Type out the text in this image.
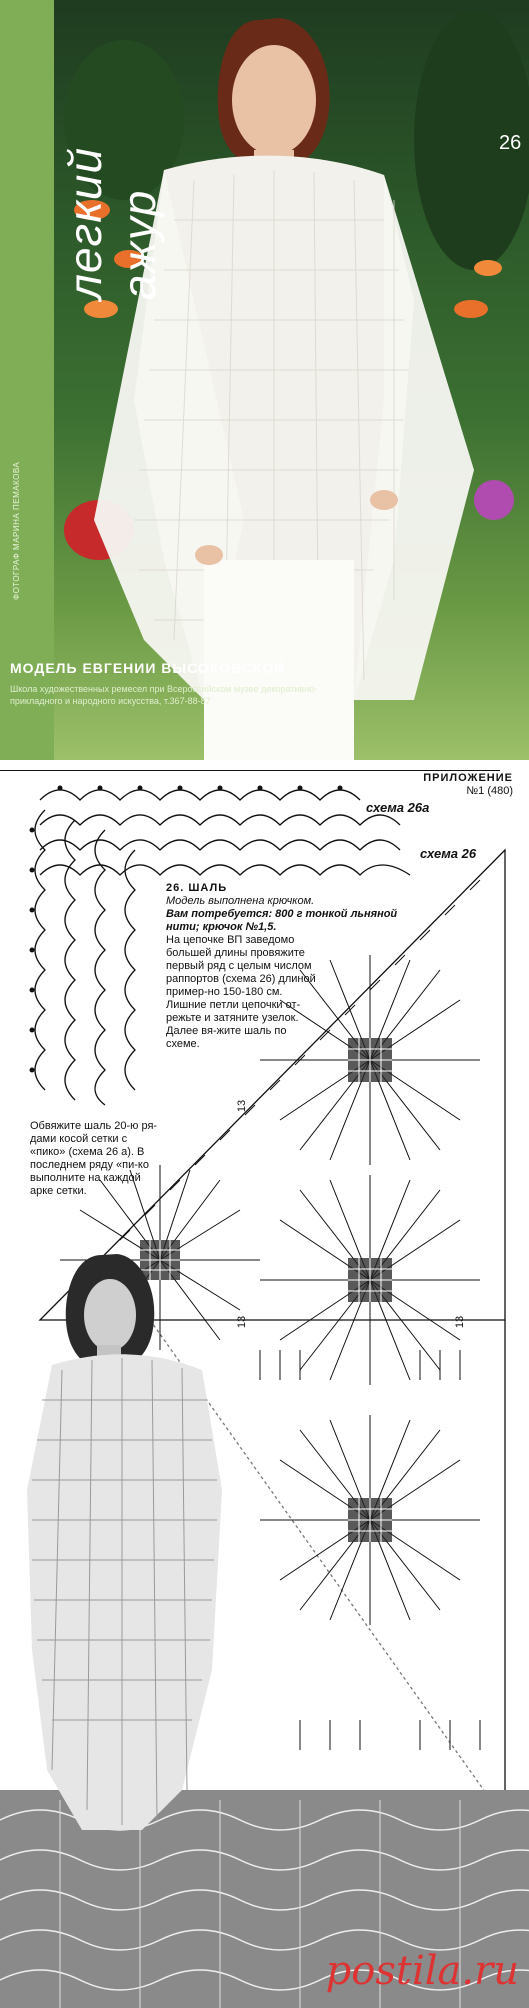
26
легкий ажур
ФОТОГРАФ МАРИНА ПЕМАКОВА
МОДЕЛЬ ЕВГЕНИИ ВЫСОКОВСКОЙ
Школа художественных ремесел при Всероссийском музее декоративно-прикладного и народного искусства, т.367-88-87
ПРИЛОЖЕНИЕ
№1 (480)
13
13	13
схема 26а
схема 26
26. ШАЛЬ
Модель выполнена крючком.
Вам потребуется: 800 г тонкой льняной нити; крючок №1,5.
На цепочке ВП заведомо большей длины провяжите первый ряд с целым числом раппортов (схема 26) длиной пример-но 150-180 см. Лишние петли цепочки от-режьте и затяните узелок. Далее вя-жите шаль по схеме.
Обвяжите шаль 20-ю ря-дами косой сетки с «пико» (схема 26 а). В последнем ряду «пи-ко выполните на каждой арке сетки.
postila.ru
